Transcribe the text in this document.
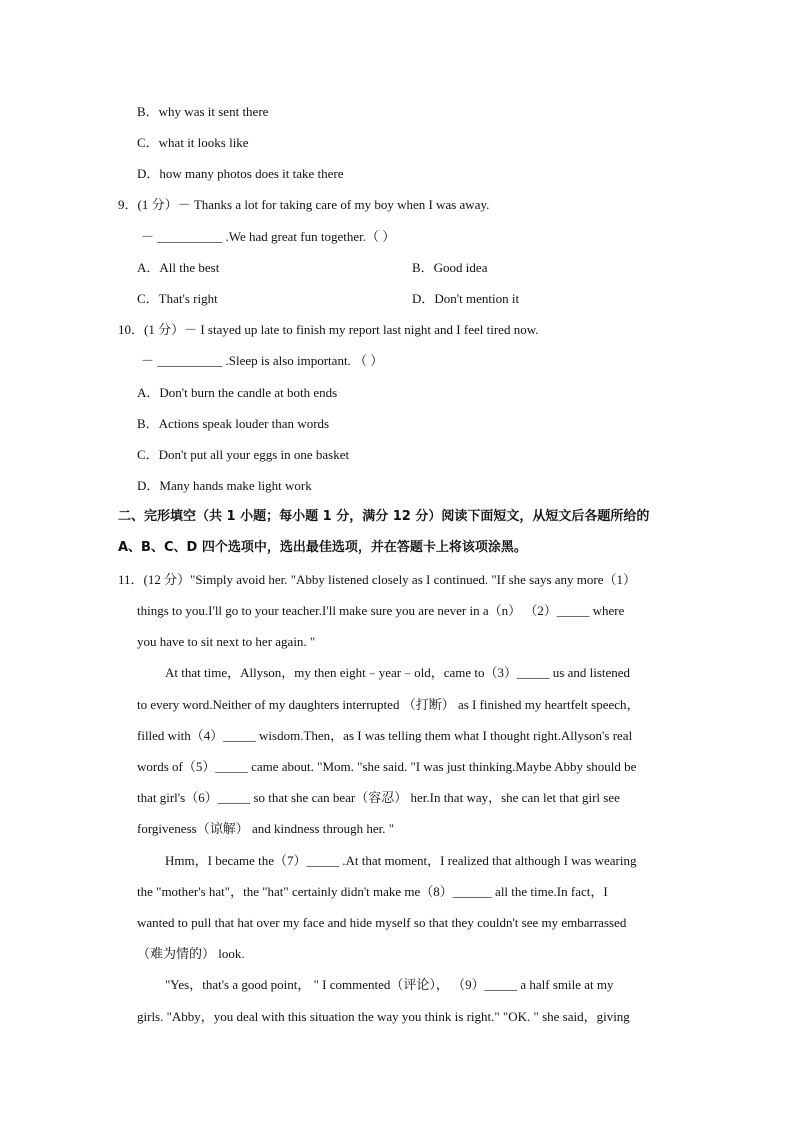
B．why was it sent there
C．what it looks like
D．how many photos does it take there
9．(1 分）－ Thanks a lot for taking care of my boy when I was away.
－ __________ .We had great fun together.（ ）
A．All the best	B．Good idea
C．That's right	D．Don't mention it
10．(1 分）－ I stayed up late to finish my report last night and I feel tired now.
－ __________ .Sleep is also important. （ ）
A．Don't burn the candle at both ends
B．Actions speak louder than words
C．Don't put all your eggs in one basket
D．Many hands make light work
二、完形填空（共 1 小题；每小题 1 分，满分 12 分）阅读下面短文，从短文后各题所给的
A、B、C、D 四个选项中，选出最佳选项，并在答题卡上将该项涂黑。
11．(12 分）"Simply avoid her. "Abby listened closely as I continued. "If she says any more（1）
things to you.I'll go to your teacher.I'll make sure you are never in a（n） （2）_____ where
you have to sit next to her again. "
At that time，Allyson，my then eight﹣year﹣old，came to（3）_____ us and listened
to every word.Neither of my daughters interrupted （打断） as I finished my heartfelt speech，
filled with（4）_____ wisdom.Then，as I was telling them what I thought right.Allyson's real
words of（5）_____ came about. "Mom. "she said. "I was just thinking.Maybe Abby should be
that girl's（6）_____ so that she can bear（容忍） her.In that way，she can let that girl see
forgiveness（谅解） and kindness through her. "
Hmm，I became the（7）_____ .At that moment，I realized that although I was wearing
the "mother's hat"，the "hat" certainly didn't make me（8）______ all the time.In fact，I
wanted to pull that hat over my face and hide myself so that they couldn't see my embarrassed
（难为情的） look.
"Yes，that's a good point， " I commented（评论）， （9）_____ a half smile at my
girls. "Abby，you deal with this situation the way you think is right." "OK. " she said，giving
